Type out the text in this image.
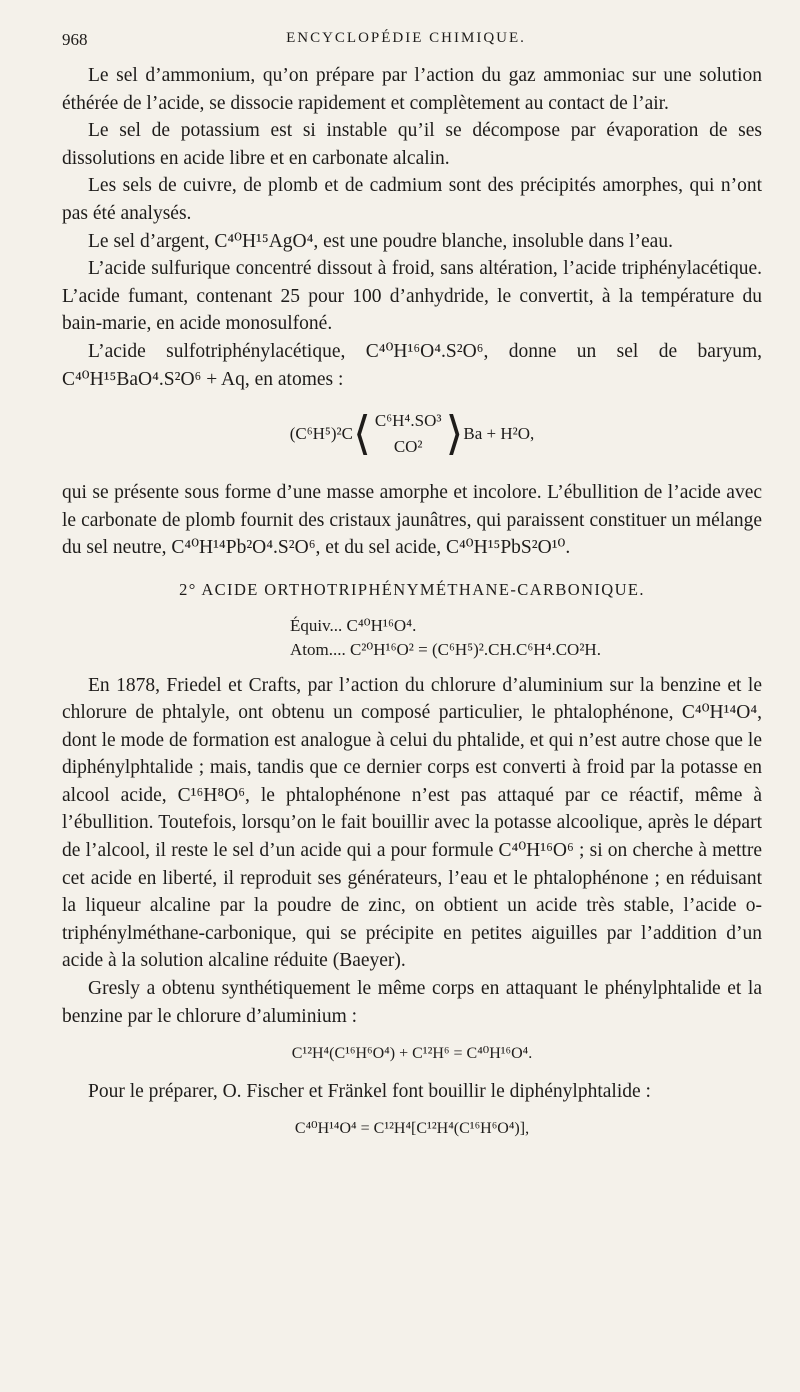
968	ENCYCLOPÉDIE CHIMIQUE.

Le sel d’ammonium, qu’on prépare par l’action du gaz ammoniac sur une solution éthérée de l’acide, se dissocie rapidement et complètement au contact de l’air.

Le sel de potassium est si instable qu’il se décompose par évaporation de ses dissolutions en acide libre et en carbonate alcalin.

Les sels de cuivre, de plomb et de cadmium sont des précipités amorphes, qui n’ont pas été analysés.

Le sel d’argent, C⁴⁰H¹⁵AgO⁴, est une poudre blanche, insoluble dans l’eau.

L’acide sulfurique concentré dissout à froid, sans altération, l’acide triphénylacétique. L’acide fumant, contenant 25 pour 100 d’anhydride, le convertit, à la température du bain-marie, en acide monosulfoné.

L’acide sulfotriphénylacétique, C⁴⁰H¹⁶O⁴.S²O⁶, donne un sel de baryum, C⁴⁰H¹⁵BaO⁴.S²O⁶ + Aq, en atomes :

(C⁶H⁵)²C ⟨ C⁶H⁴.SO³
CO² ⟩ Ba + H²O,

qui se présente sous forme d’une masse amorphe et incolore. L’ébullition de l’acide avec le carbonate de plomb fournit des cristaux jaunâtres, qui paraissent constituer un mélange du sel neutre, C⁴⁰H¹⁴Pb²O⁴.S²O⁶, et du sel acide, C⁴⁰H¹⁵PbS²O¹⁰.

2° ACIDE ORTHOTRIPHÉNYMÉTHANE-CARBONIQUE.
Équiv... C⁴⁰H¹⁶O⁴.
Atom.... C²⁰H¹⁶O² = (C⁶H⁵)².CH.C⁶H⁴.CO²H.

En 1878, Friedel et Crafts, par l’action du chlorure d’aluminium sur la benzine et le chlorure de phtalyle, ont obtenu un composé particulier, le phtalophénone, C⁴⁰H¹⁴O⁴, dont le mode de formation est analogue à celui du phtalide, et qui n’est autre chose que le diphénylphtalide ; mais, tandis que ce dernier corps est converti à froid par la potasse en alcool acide, C¹⁶H⁸O⁶, le phtalophénone n’est pas attaqué par ce réactif, même à l’ébullition. Toutefois, lorsqu’on le fait bouillir avec la potasse alcoolique, après le départ de l’alcool, il reste le sel d’un acide qui a pour formule C⁴⁰H¹⁶O⁶ ; si on cherche à mettre cet acide en liberté, il reproduit ses générateurs, l’eau et le phtalophénone ; en réduisant la liqueur alcaline par la poudre de zinc, on obtient un acide très stable, l’acide o-triphénylméthane-carbonique, qui se précipite en petites aiguilles par l’addition d’un acide à la solution alcaline réduite (Baeyer).

Gresly a obtenu synthétiquement le même corps en attaquant le phénylphtalide et la benzine par le chlorure d’aluminium :

C¹²H⁴(C¹⁶H⁶O⁴) + C¹²H⁶ = C⁴⁰H¹⁶O⁴.

Pour le préparer, O. Fischer et Fränkel font bouillir le diphénylphtalide :

C⁴⁰H¹⁴O⁴ = C¹²H⁴[C¹²H⁴(C¹⁶H⁶O⁴)],
